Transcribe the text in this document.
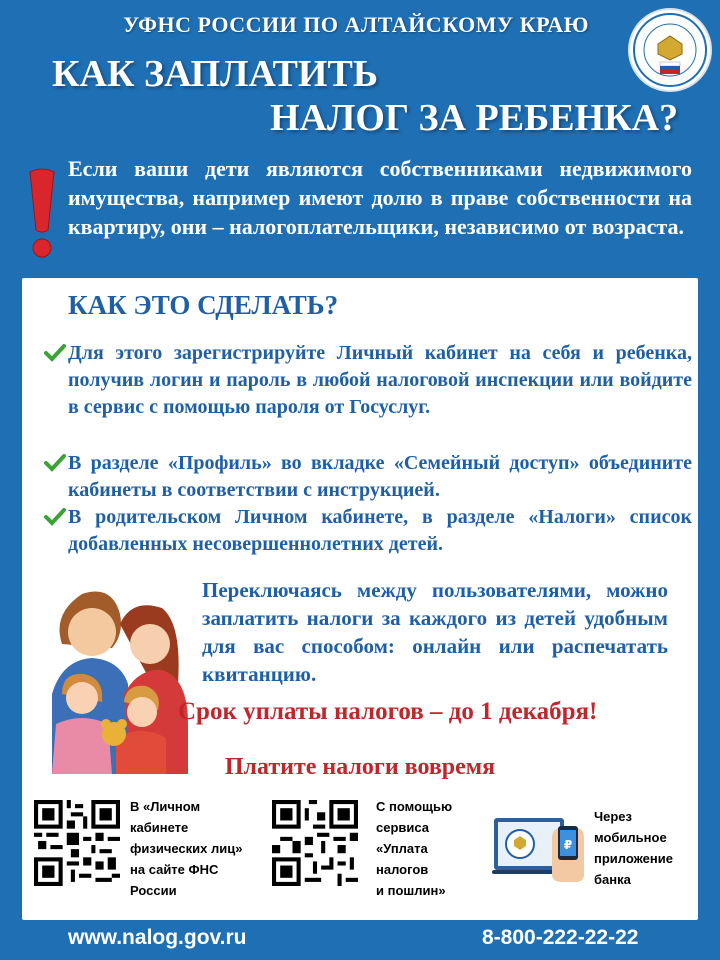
УФНС РОССИИ ПО АЛТАЙСКОМУ КРАЮ
КАК ЗАПЛАТИТЬ
НАЛОГ ЗА РЕБЕНКА?
Если ваши дети являются собственниками недвижимого имущества, например имеют долю в праве собственности на квартиру, они – налогоплательщики, независимо от возраста.
КАК ЭТО СДЕЛАТЬ?
Для этого зарегистрируйте Личный кабинет на себя и ребенка, получив логин и пароль в любой налоговой инспекции или войдите в сервис с помощью пароля от Госуслуг.
В разделе «Профиль» во вкладке «Семейный доступ» объедините кабинеты в соответствии с инструкцией.
В родительском Личном кабинете, в разделе «Налоги» список добавленных несовершеннолетних детей.
Переключаясь между пользователями, можно заплатить налоги за каждого из детей удобным для вас способом: онлайн или распечатать квитанцию.
Срок уплаты налогов – до 1 декабря!
Платите налоги вовремя
В «Личном
кабинете
физических лиц»
на сайте ФНС
России
С помощью
сервиса
«Уплата
налогов
и пошлин»
₽
Через
мобильное
приложение
банка
www.nalog.gov.ru	8-800-222-22-22
